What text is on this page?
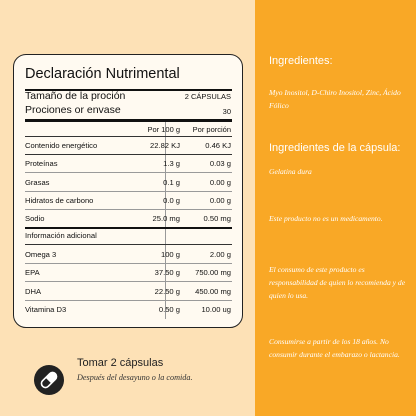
Declaración Nutrimental
Tamaño de la proción	2 CÁPSULAS
Prociones or envase	30
Por 100 g Por porción
Contenido energético	22.82 KJ	0.46 KJ
Proteínas	1.3 g	0.03 g
Grasas	0.1 g	0.00 g
Hidratos de carbono	0.0 g	0.00 g
Sodio	25.0 mg	0.50 mg
Información adicional
Omega 3	100 g	2.00 g
EPA	37.50 g 750.00 mg
DHA	22.50 g 450.00 mg
Vitamina D3	0.50 g	10.00 ug
Tomar 2 cápsulas
Después del desayuno o la comida.
Ingredientes:
Myo Inositol, D-Chiro Inositol, Zinc, Ácido Fólico
Ingredientes de la cápsula:
Gelatina dura
Este producto no es un medicamento.
El consumo de este producto es responsabilidad de quien lo recomienda y de quien lo usa.
Consumirse a partir de los 18 años. No consumir durante el embarazo o lactancia.
